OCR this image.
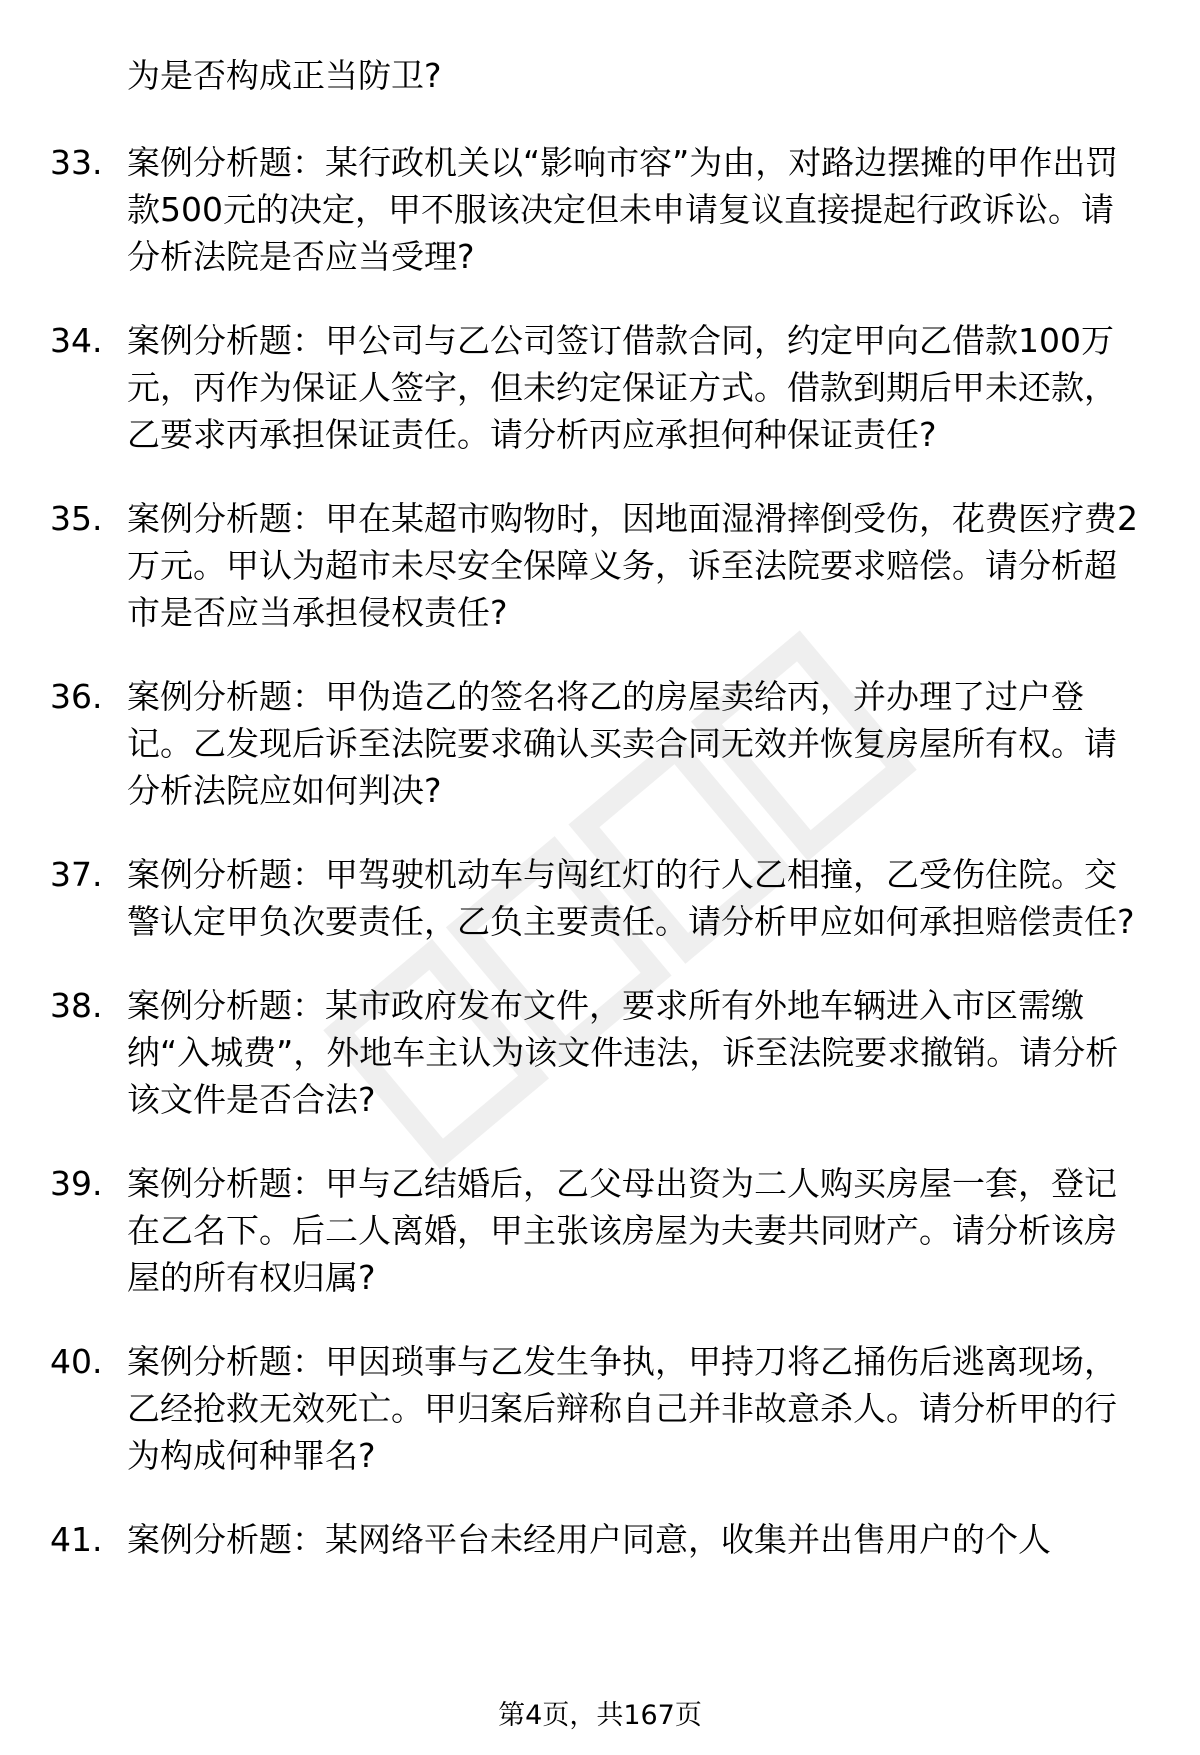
为是否构成正当防卫?
33. 案例分析题：某行政机关以“影响市容”为由，对路边摆摊的甲作出罚款500元的决定，甲不服该决定但未申请复议直接提起行政诉讼。请分析法院是否应当受理?
34. 案例分析题：甲公司与乙公司签订借款合同，约定甲向乙借款100万元，丙作为保证人签字，但未约定保证方式。借款到期后甲未还款，乙要求丙承担保证责任。请分析丙应承担何种保证责任?
35. 案例分析题：甲在某超市购物时，因地面湿滑摔倒受伤，花费医疗费2万元。甲认为超市未尽安全保障义务，诉至法院要求赔偿。请分析超市是否应当承担侵权责任?
36. 案例分析题：甲伪造乙的签名将乙的房屋卖给丙，并办理了过户登记。乙发现后诉至法院要求确认买卖合同无效并恢复房屋所有权。请分析法院应如何判决?
37. 案例分析题：甲驾驶机动车与闯红灯的行人乙相撞，乙受伤住院。交警认定甲负次要责任，乙负主要责任。请分析甲应如何承担赔偿责任?
38. 案例分析题：某市政府发布文件，要求所有外地车辆进入市区需缴纳“入城费”，外地车主认为该文件违法，诉至法院要求撤销。请分析该文件是否合法?
39. 案例分析题：甲与乙结婚后，乙父母出资为二人购买房屋一套，登记在乙名下。后二人离婚，甲主张该房屋为夫妻共同财产。请分析该房屋的所有权归属?
40. 案例分析题：甲因琐事与乙发生争执，甲持刀将乙捅伤后逃离现场，乙经抢救无效死亡。甲归案后辩称自己并非故意杀人。请分析甲的行为构成何种罪名?
41. 案例分析题：某网络平台未经用户同意，收集并出售用户的个人
第4页，共167页
